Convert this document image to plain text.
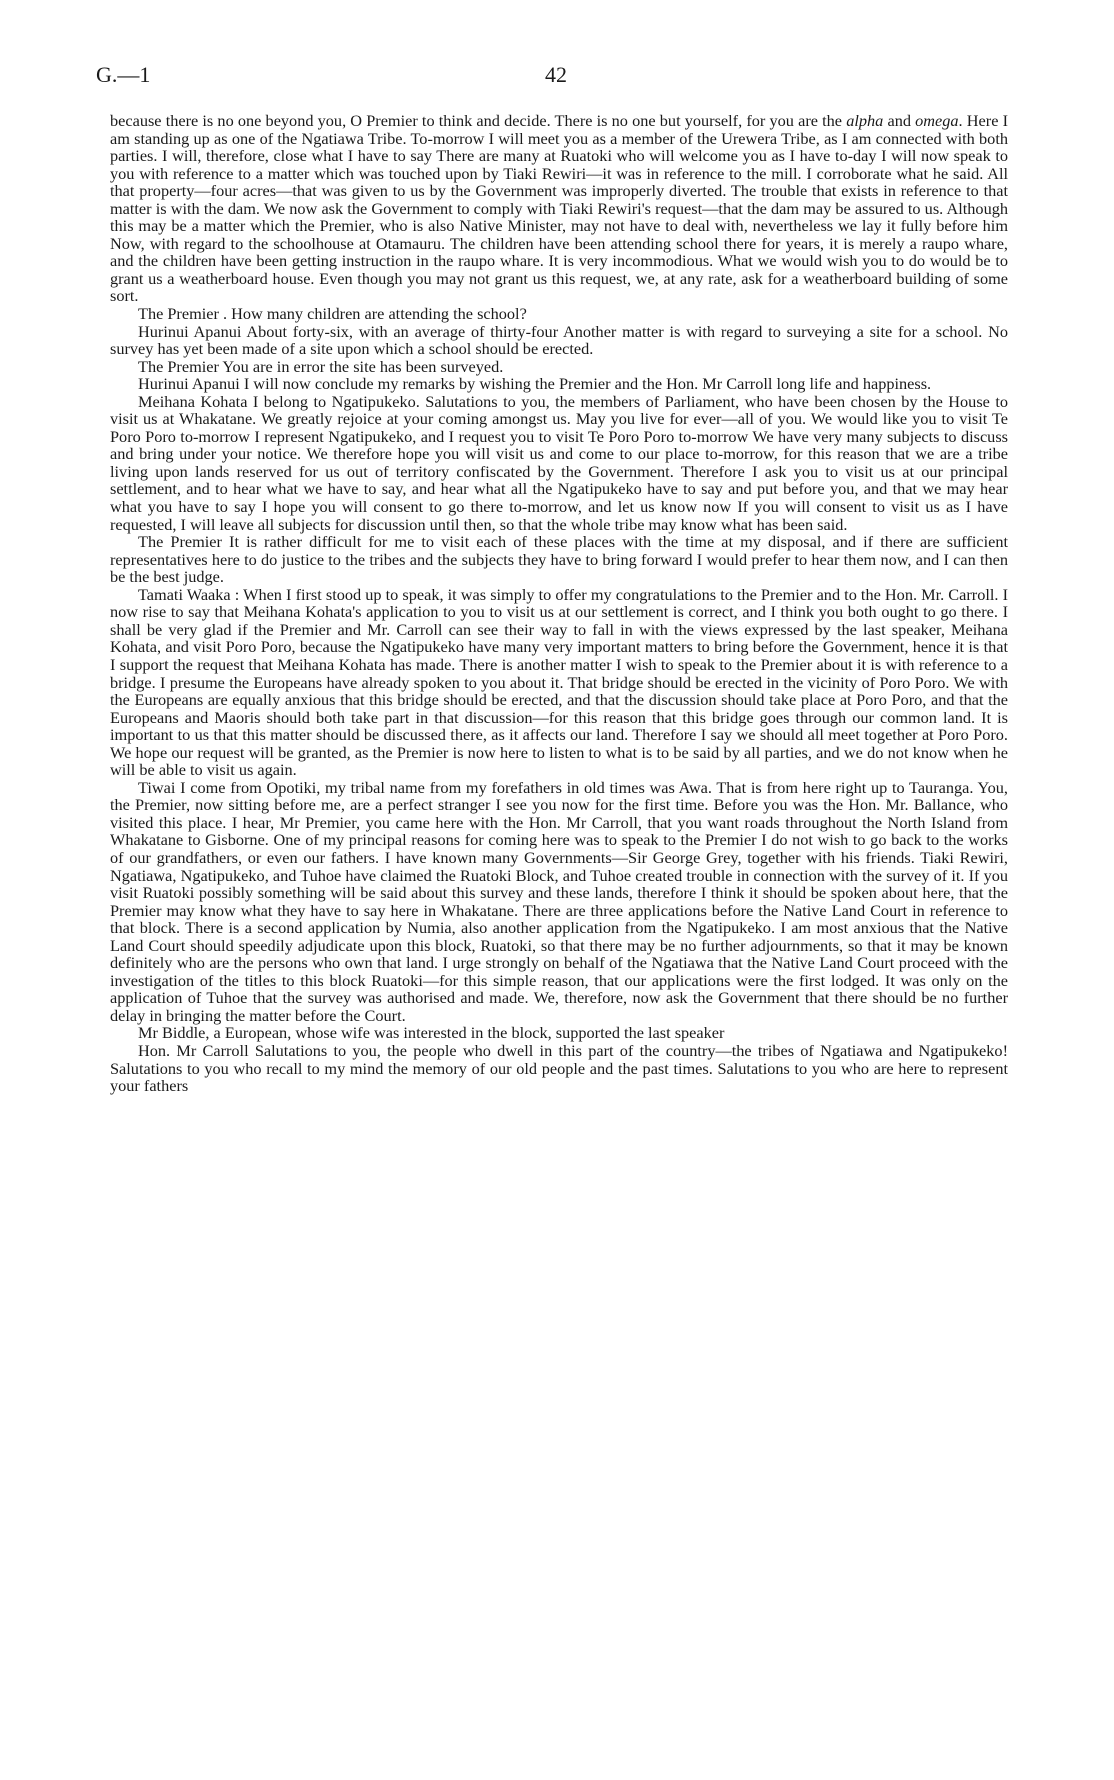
G.—1	42

because there is no one beyond you, O Premier to think and decide. There is no one but yourself, for you are the alpha and omega. Here I am standing up as one of the Ngatiawa Tribe. To-morrow I will meet you as a member of the Urewera Tribe, as I am connected with both parties. I will, therefore, close what I have to say There are many at Ruatoki who will welcome you as I have to-day I will now speak to you with reference to a matter which was touched upon by Tiaki Rewiri—it was in reference to the mill. I corroborate what he said. All that property—four acres—that was given to us by the Government was improperly diverted. The trouble that exists in reference to that matter is with the dam. We now ask the Government to comply with Tiaki Rewiri's request—that the dam may be assured to us. Although this may be a matter which the Premier, who is also Native Minister, may not have to deal with, nevertheless we lay it fully before him Now, with regard to the schoolhouse at Otamauru. The children have been attending school there for years, it is merely a raupo whare, and the children have been getting instruction in the raupo whare. It is very incommodious. What we would wish you to do would be to grant us a weatherboard house. Even though you may not grant us this request, we, at any rate, ask for a weatherboard building of some sort.

The Premier . How many children are attending the school?

Hurinui Apanui About forty-six, with an average of thirty-four Another matter is with regard to surveying a site for a school. No survey has yet been made of a site upon which a school should be erected.

The Premier You are in error the site has been surveyed.

Hurinui Apanui I will now conclude my remarks by wishing the Premier and the Hon. Mr Carroll long life and happiness.

Meihana Kohata I belong to Ngatipukeko. Salutations to you, the members of Parliament, who have been chosen by the House to visit us at Whakatane. We greatly rejoice at your coming amongst us. May you live for ever—all of you. We would like you to visit Te Poro Poro to-morrow I represent Ngatipukeko, and I request you to visit Te Poro Poro to-morrow We have very many subjects to discuss and bring under your notice. We therefore hope you will visit us and come to our place to-morrow, for this reason that we are a tribe living upon lands reserved for us out of territory confiscated by the Government. Therefore I ask you to visit us at our principal settlement, and to hear what we have to say, and hear what all the Ngatipukeko have to say and put before you, and that we may hear what you have to say I hope you will consent to go there to-morrow, and let us know now If you will consent to visit us as I have requested, I will leave all subjects for discussion until then, so that the whole tribe may know what has been said.

The Premier It is rather difficult for me to visit each of these places with the time at my disposal, and if there are sufficient representatives here to do justice to the tribes and the subjects they have to bring forward I would prefer to hear them now, and I can then be the best judge.

Tamati Waaka : When I first stood up to speak, it was simply to offer my congratulations to the Premier and to the Hon. Mr. Carroll. I now rise to say that Meihana Kohata's application to you to visit us at our settlement is correct, and I think you both ought to go there. I shall be very glad if the Premier and Mr. Carroll can see their way to fall in with the views expressed by the last speaker, Meihana Kohata, and visit Poro Poro, because the Ngatipukeko have many very important matters to bring before the Government, hence it is that I support the request that Meihana Kohata has made. There is another matter I wish to speak to the Premier about it is with reference to a bridge. I presume the Europeans have already spoken to you about it. That bridge should be erected in the vicinity of Poro Poro. We with the Europeans are equally anxious that this bridge should be erected, and that the discussion should take place at Poro Poro, and that the Europeans and Maoris should both take part in that discussion—for this reason that this bridge goes through our common land. It is important to us that this matter should be discussed there, as it affects our land. Therefore I say we should all meet together at Poro Poro. We hope our request will be granted, as the Premier is now here to listen to what is to be said by all parties, and we do not know when he will be able to visit us again.

Tiwai I come from Opotiki, my tribal name from my forefathers in old times was Awa. That is from here right up to Tauranga. You, the Premier, now sitting before me, are a perfect stranger I see you now for the first time. Before you was the Hon. Mr. Ballance, who visited this place. I hear, Mr Premier, you came here with the Hon. Mr Carroll, that you want roads throughout the North Island from Whakatane to Gisborne. One of my principal reasons for coming here was to speak to the Premier I do not wish to go back to the works of our grandfathers, or even our fathers. I have known many Governments—Sir George Grey, together with his friends. Tiaki Rewiri, Ngatiawa, Ngatipukeko, and Tuhoe have claimed the Ruatoki Block, and Tuhoe created trouble in connection with the survey of it. If you visit Ruatoki possibly something will be said about this survey and these lands, therefore I think it should be spoken about here, that the Premier may know what they have to say here in Whakatane. There are three applications before the Native Land Court in reference to that block. There is a second application by Numia, also another application from the Ngatipukeko. I am most anxious that the Native Land Court should speedily adjudicate upon this block, Ruatoki, so that there may be no further adjournments, so that it may be known definitely who are the persons who own that land. I urge strongly on behalf of the Ngatiawa that the Native Land Court proceed with the investigation of the titles to this block Ruatoki—for this simple reason, that our applications were the first lodged. It was only on the application of Tuhoe that the survey was authorised and made. We, therefore, now ask the Government that there should be no further delay in bringing the matter before the Court.

Mr Biddle, a European, whose wife was interested in the block, supported the last speaker

Hon. Mr Carroll Salutations to you, the people who dwell in this part of the country—the tribes of Ngatiawa and Ngatipukeko! Salutations to you who recall to my mind the memory of our old people and the past times. Salutations to you who are here to represent your fathers
